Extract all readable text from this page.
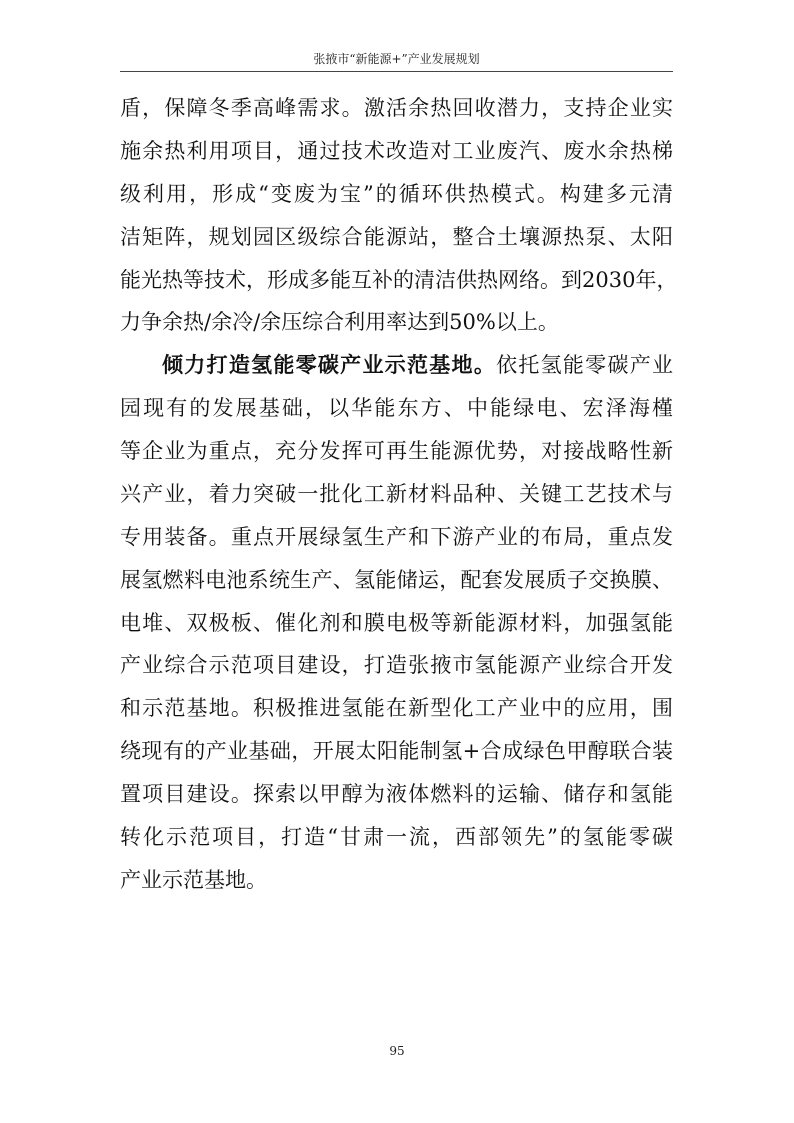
张掖市“新能源+”产业发展规划
盾，保障冬季高峰需求。激活余热回收潜力，支持企业实
施余热利用项目，通过技术改造对工业废汽、废水余热梯
级利用，形成“变废为宝”的循环供热模式。构建多元清
洁矩阵，规划园区级综合能源站，整合土壤源热泵、太阳
能光热等技术，形成多能互补的清洁供热网络。到2030年，
力争余热/余冷/余压综合利用率达到50%以上。
倾力打造氢能零碳产业示范基地。依托氢能零碳产业
园现有的发展基础，以华能东方、中能绿电、宏泽海槿
等企业为重点，充分发挥可再生能源优势，对接战略性新
兴产业，着力突破一批化工新材料品种、关键工艺技术与
专用装备。重点开展绿氢生产和下游产业的布局，重点发
展氢燃料电池系统生产、氢能储运，配套发展质子交换膜、
电堆、双极板、催化剂和膜电极等新能源材料，加强氢能
产业综合示范项目建设，打造张掖市氢能源产业综合开发
和示范基地。积极推进氢能在新型化工产业中的应用，围
绕现有的产业基础，开展太阳能制氢+合成绿色甲醇联合装
置项目建设。探索以甲醇为液体燃料的运输、储存和氢能
转化示范项目，打造“甘肃一流，西部领先”的氢能零碳
产业示范基地。
95
